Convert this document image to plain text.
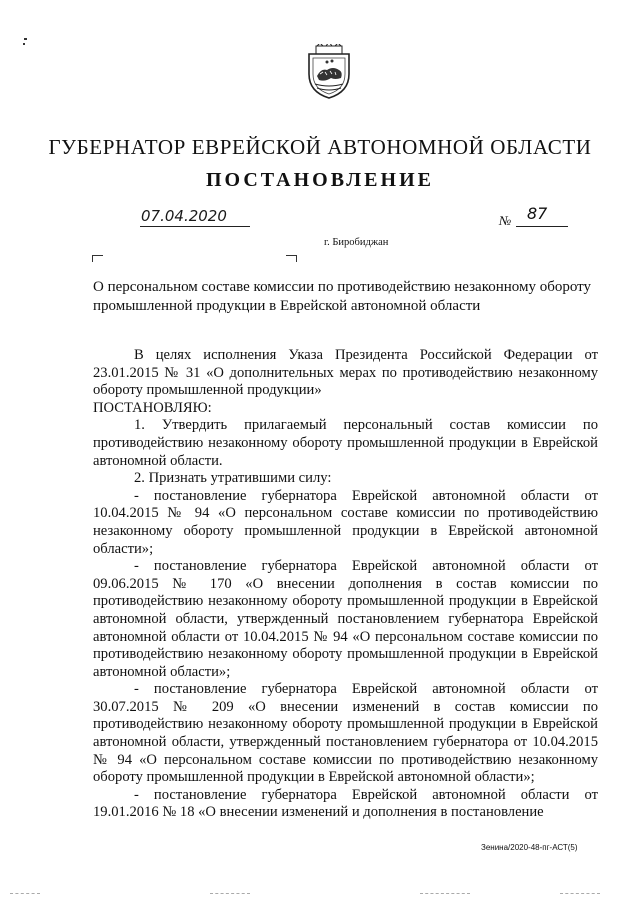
ГУБЕРНАТОР ЕВРЕЙСКОЙ АВТОНОМНОЙ ОБЛАСТИ
ПОСТАНОВЛЕНИЕ
07.04.2020	№ 87
г. Биробиджан
О персональном составе комиссии по противодействию незаконному обороту промышленной продукции в Еврейской автономной области

В целях исполнения Указа Президента Российской Федерации от 23.01.2015 № 31 «О дополнительных мерах по противодействию незаконному обороту промышленной продукции»

ПОСТАНОВЛЯЮ:

1. Утвердить прилагаемый персональный состав комиссии по противодействию незаконному обороту промышленной продукции в Еврейской автономной области.

2. Признать утратившими силу:

- постановление губернатора Еврейской автономной области от 10.04.2015 № 94 «О персональном составе комиссии по противодействию незаконному обороту промышленной продукции в Еврейской автономной области»;

- постановление губернатора Еврейской автономной области от 09.06.2015 № 170 «О внесении дополнения в состав комиссии по противодействию незаконному обороту промышленной продукции в Еврейской автономной области, утвержденный постановлением губернатора Еврейской автономной области от 10.04.2015 № 94 «О персональном составе комиссии по противодействию незаконному обороту промышленной продукции в Еврейской автономной области»;

- постановление губернатора Еврейской автономной области от 30.07.2015 № 209 «О внесении изменений в состав комиссии по противодействию незаконному обороту промышленной продукции в Еврейской автономной области, утвержденный постановлением губернатора от 10.04.2015 № 94 «О персональном составе комиссии по противодействию незаконному обороту промышленной продукции в Еврейской автономной области»;

- постановление губернатора Еврейской автономной области от 19.01.2016 № 18 «О внесении изменений и дополнения в постановление

Зенина/2020-48-пг-АСТ(5)
